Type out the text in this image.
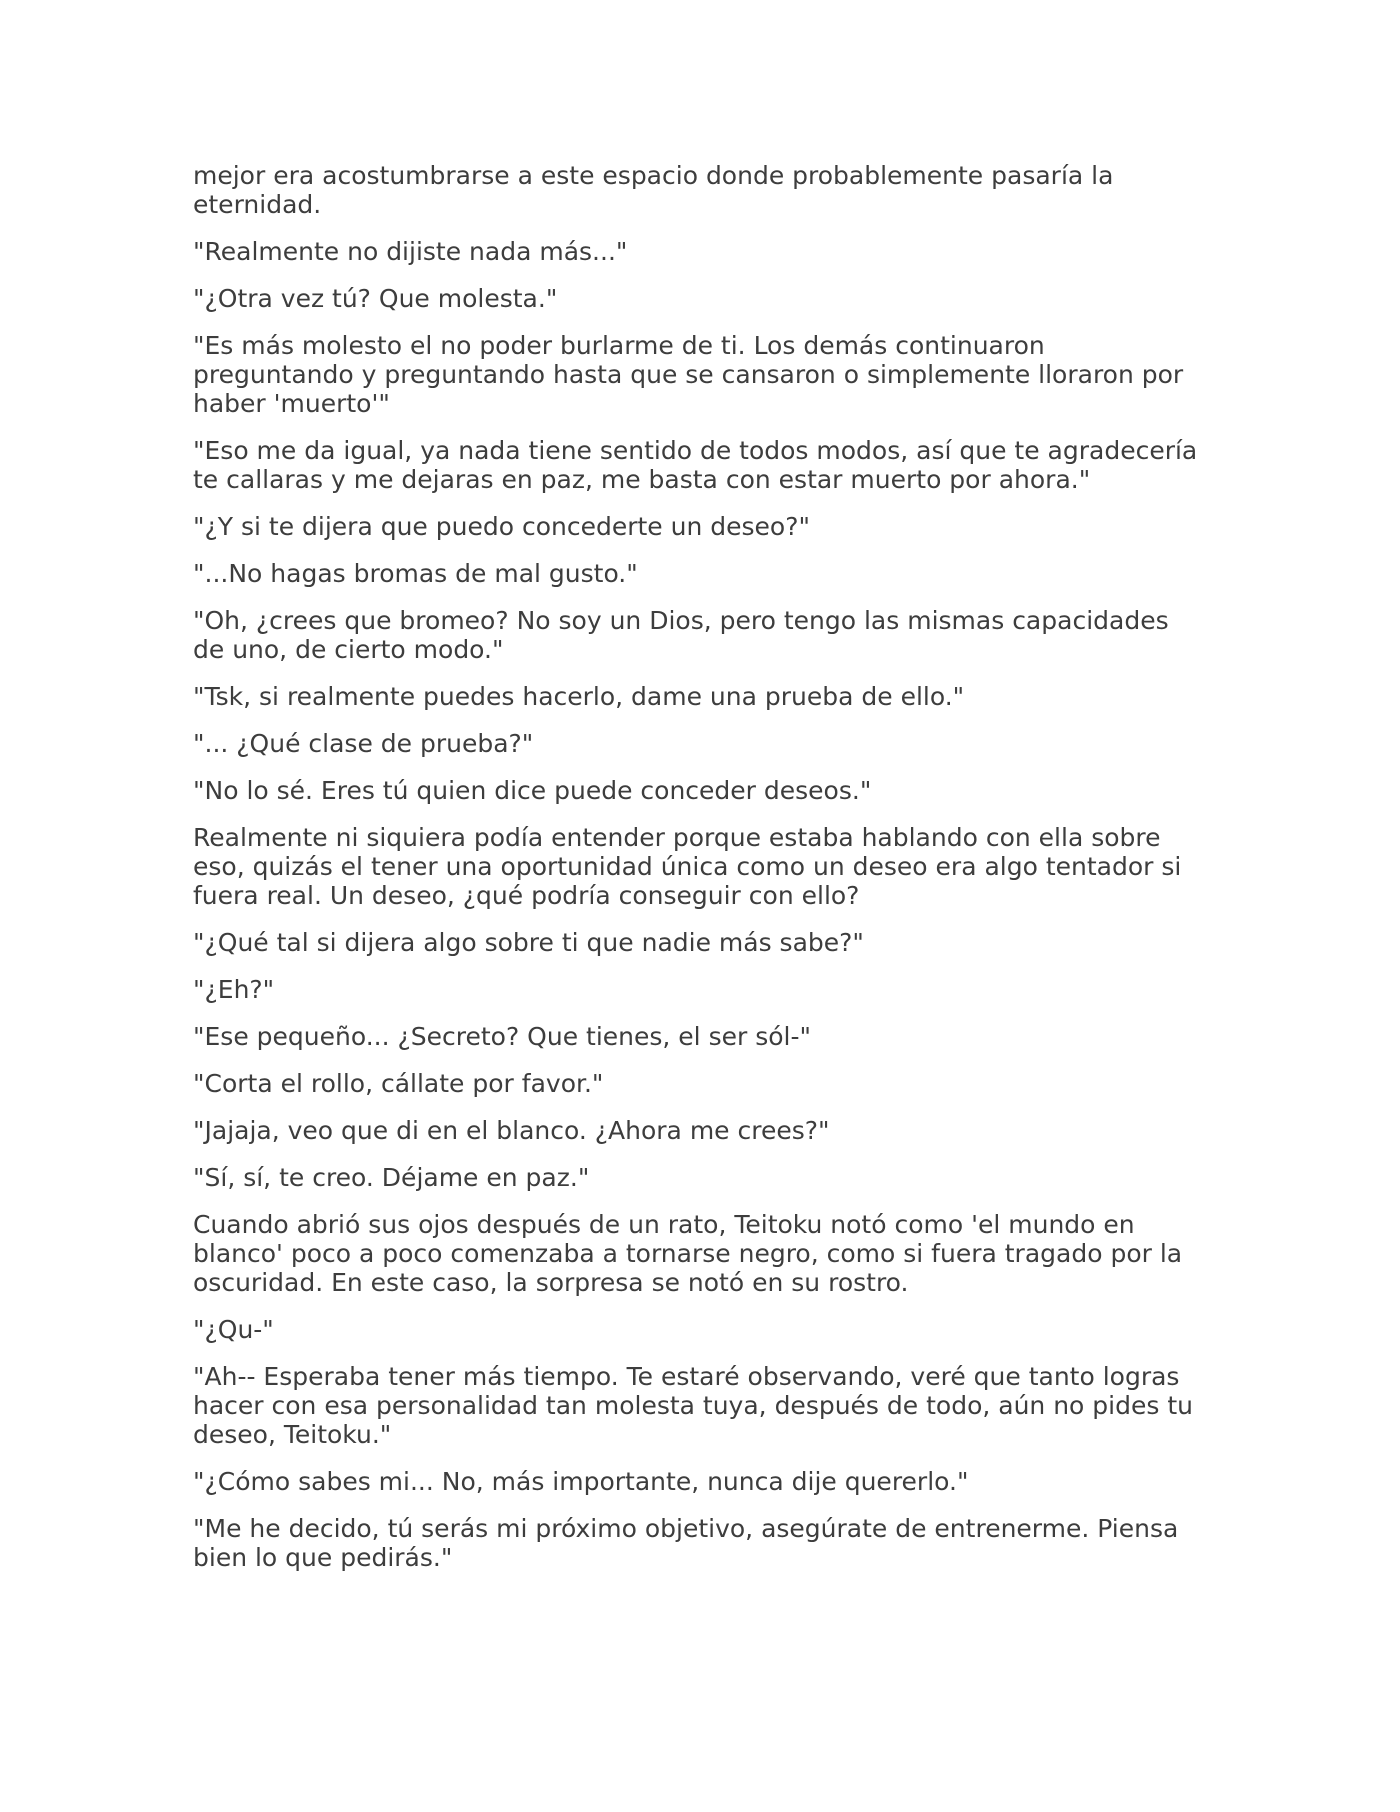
mejor era acostumbrarse a este espacio donde probablemente pasaría la eternidad.

"Realmente no dijiste nada más..."

"¿Otra vez tú? Que molesta."

"Es más molesto el no poder burlarme de ti. Los demás continuaron preguntando y preguntando hasta que se cansaron o simplemente lloraron por haber 'muerto'"

"Eso me da igual, ya nada tiene sentido de todos modos, así que te agradecería te callaras y me dejaras en paz, me basta con estar muerto por ahora."

"¿Y si te dijera que puedo concederte un deseo?"

"...No hagas bromas de mal gusto."

"Oh, ¿crees que bromeo? No soy un Dios, pero tengo las mismas capacidades de uno, de cierto modo."

"Tsk, si realmente puedes hacerlo, dame una prueba de ello."

"... ¿Qué clase de prueba?"

"No lo sé. Eres tú quien dice puede conceder deseos."

Realmente ni siquiera podía entender porque estaba hablando con ella sobre eso, quizás el tener una oportunidad única como un deseo era algo tentador si fuera real. Un deseo, ¿qué podría conseguir con ello?

"¿Qué tal si dijera algo sobre ti que nadie más sabe?"

"¿Eh?"

"Ese pequeño... ¿Secreto? Que tienes, el ser sól-"

"Corta el rollo, cállate por favor."

"Jajaja, veo que di en el blanco. ¿Ahora me crees?"

"Sí, sí, te creo. Déjame en paz."

Cuando abrió sus ojos después de un rato, Teitoku notó como 'el mundo en blanco' poco a poco comenzaba a tornarse negro, como si fuera tragado por la oscuridad. En este caso, la sorpresa se notó en su rostro.

"¿Qu-"

"Ah-- Esperaba tener más tiempo. Te estaré observando, veré que tanto logras hacer con esa personalidad tan molesta tuya, después de todo, aún no pides tu deseo, Teitoku."

"¿Cómo sabes mi... No, más importante, nunca dije quererlo."

"Me he decido, tú serás mi próximo objetivo, asegúrate de entrenerme. Piensa bien lo que pedirás."
